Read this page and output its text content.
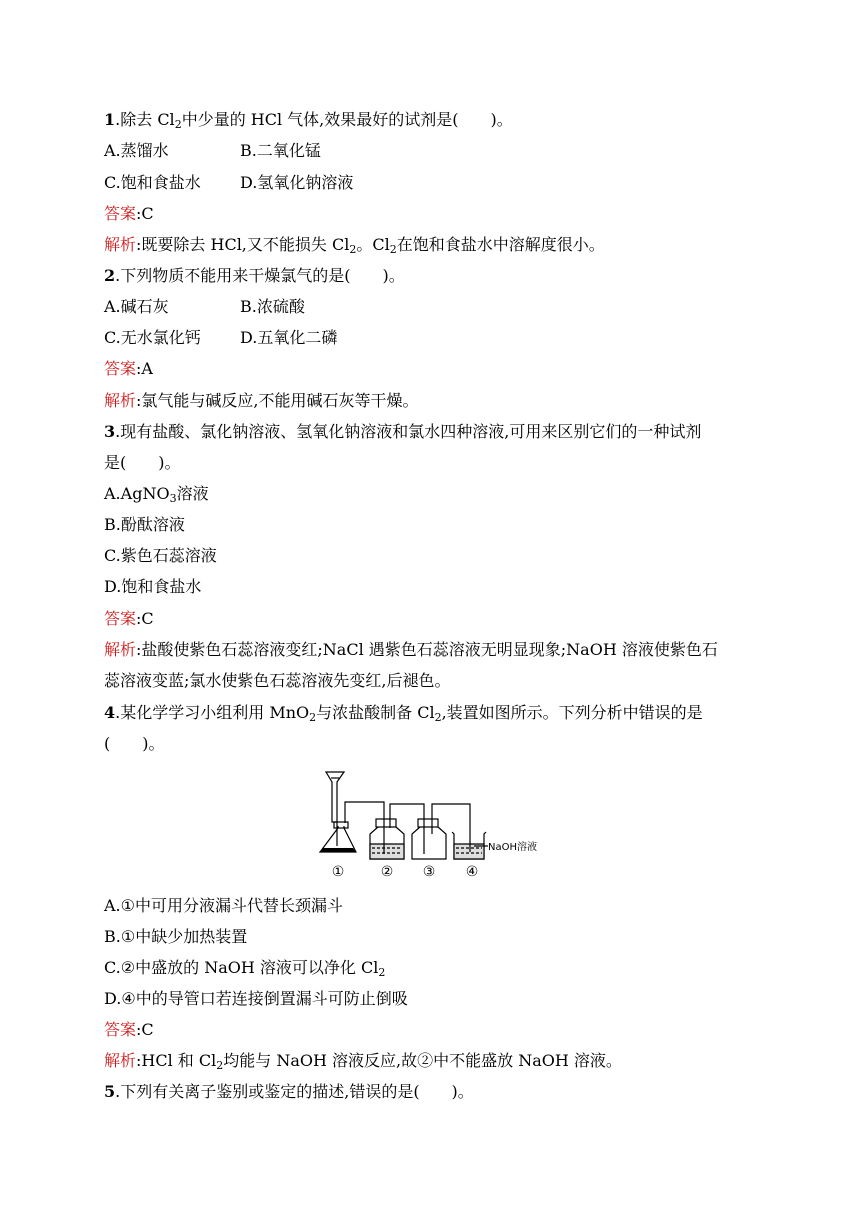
1.除去 $Cl_2$中少量的 HCl 气体,效果最好的试剂是(　　)。
A.蒸馏水	B.二氧化锰
C.饱和食盐水 D.氢氧化钠溶液
答案:C
解析:既要除去 HCl,又不能损失 $Cl_2$。$Cl_2$在饱和食盐水中溶解度很小。
2.下列物质不能用来干燥氯气的是(　　)。
A.碱石灰	B.浓硫酸
C.无水氯化钙 D.五氧化二磷
答案:A
解析:氯气能与碱反应,不能用碱石灰等干燥。
3.现有盐酸、氯化钠溶液、氢氧化钠溶液和氯水四种溶液,可用来区别它们的一种试剂
是(　　)。
A.AgNO$_3$溶液
B.酚酞溶液
C.紫色石蕊溶液
D.饱和食盐水
答案:C
解析:盐酸使紫色石蕊溶液变红;NaCl 遇紫色石蕊溶液无明显现象;NaOH 溶液使紫色石
蕊溶液变蓝;氯水使紫色石蕊溶液先变红,后褪色。
4.某化学学习小组利用 MnO$_2$与浓盐酸制备 $Cl_2$,装置如图所示。下列分析中错误的是
(　　)。
NaOH溶液
①	② ③ ④
A.①中可用分液漏斗代替长颈漏斗
B.①中缺少加热装置
C.②中盛放的 NaOH 溶液可以净化 $Cl_2$
D.④中的导管口若连接倒置漏斗可防止倒吸
答案:C
解析:HCl 和 $Cl_2$均能与 NaOH 溶液反应,故②中不能盛放 NaOH 溶液。
5.下列有关离子鉴别或鉴定的描述,错误的是(　　)。
